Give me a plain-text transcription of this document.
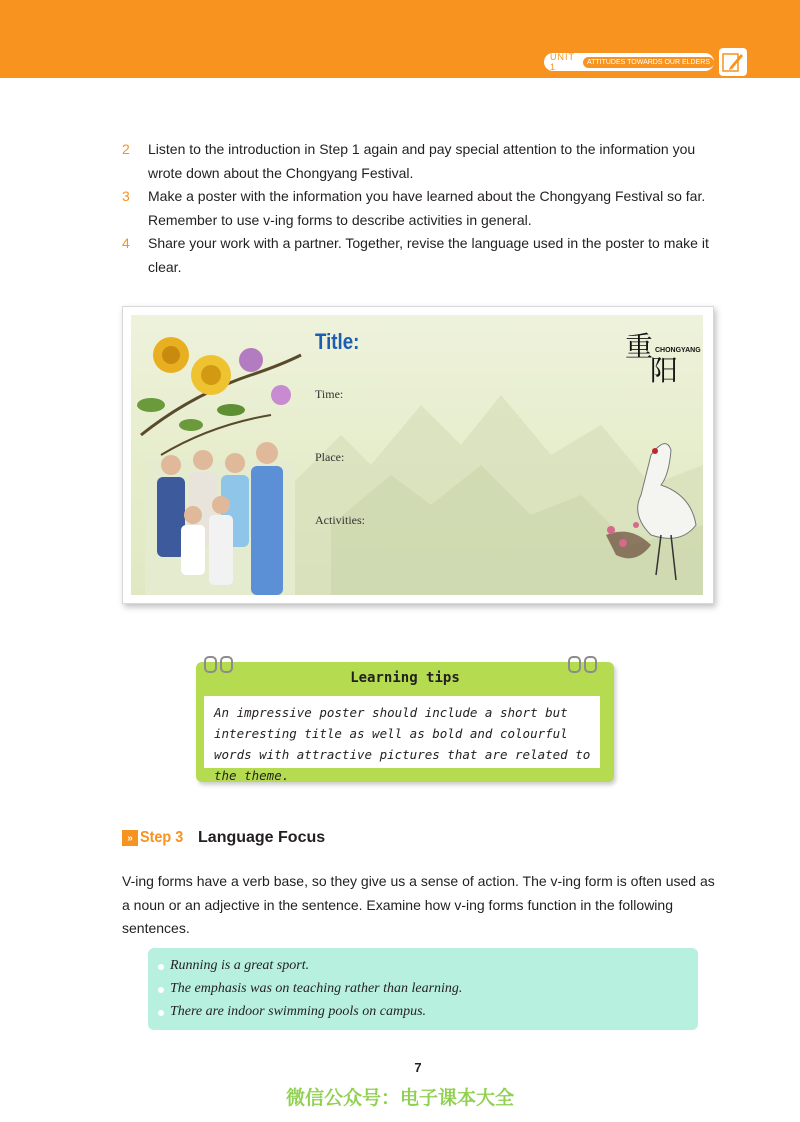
UNIT 1	ATTITUDES TOWARDS OUR ELDERS
2	Listen to the introduction in Step 1 again and pay special attention to the information you wrote down about the Chongyang Festival.
3	Make a poster with the information you have learned about the Chongyang Festival so far. Remember to use v-ing forms to describe activities in general.
4	Share your work with a partner. Together, revise the language used in the poster to make it clear.
Title:
Time:
Place:
Activities:
重
阳
CHONGYANG
Learning tips
An impressive poster should include a short but interesting title as well as bold and colourful words with attractive pictures that are related to the theme.
» Step 3 Language Focus
V-ing forms have a verb base, so they give us a sense of action. The v-ing form is often used as a noun or an adjective in the sentence. Examine how v-ing forms function in the following sentences.
Running is a great sport.
The emphasis was on teaching rather than learning.
There are indoor swimming pools on campus.
7
微信公众号：电子课本大全
